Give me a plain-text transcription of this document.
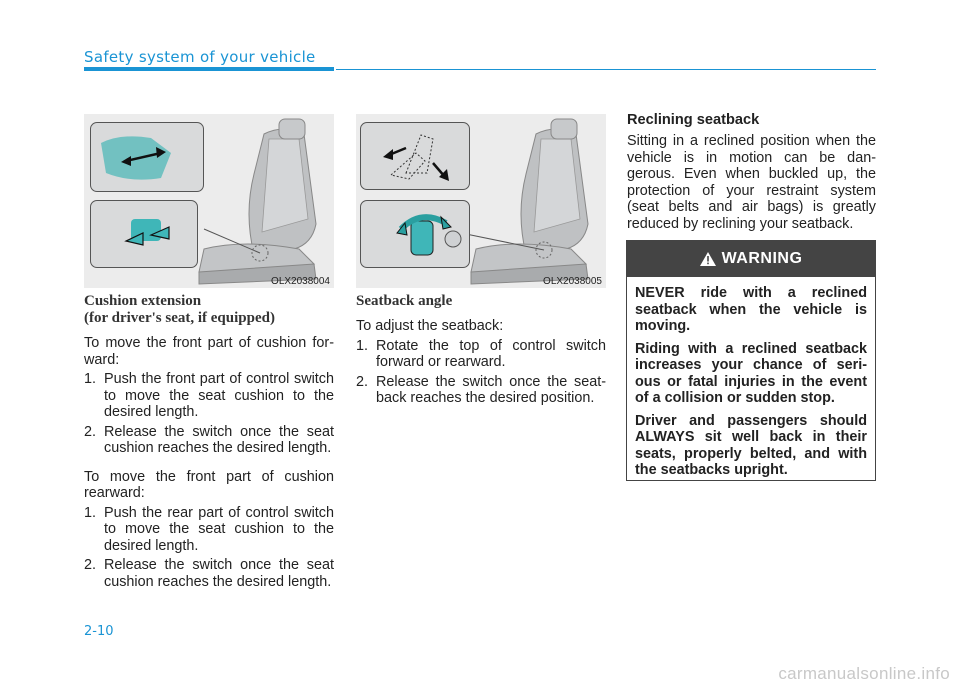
Safety system of your vehicle
OLX2038004	OLX2038005
Cushion extension
(for driver's seat, if equipped)

To move the front part of cushion for-ward:

1. Push the front part of control switch to move the seat cushion to the desired length.
2. Release the switch once the seat cushion reaches the desired length.

To move the front part of cushion rearward:

1. Push the rear part of control switch to move the seat cushion to the desired length.
2. Release the switch once the seat cushion reaches the desired length.
Seatback angle

To adjust the seatback:

1. Rotate the top of control switch forward or rearward.
2. Release the switch once the seat-back reaches the desired position.
Reclining seatback

Sitting in a reclined position when the vehicle is in motion can be dan-gerous. Even when buckled up, the protection of your restraint system (seat belts and air bags) is greatly reduced by reclining your seatback.

WARNING

NEVER ride with a reclined seatback when the vehicle is moving.

Riding with a reclined seatback increases your chance of seri-ous or fatal injuries in the event of a collision or sudden stop.

Driver and passengers should ALWAYS sit well back in their seats, properly belted, and with the seatbacks upright.

2-10
carmanualsonline.info
